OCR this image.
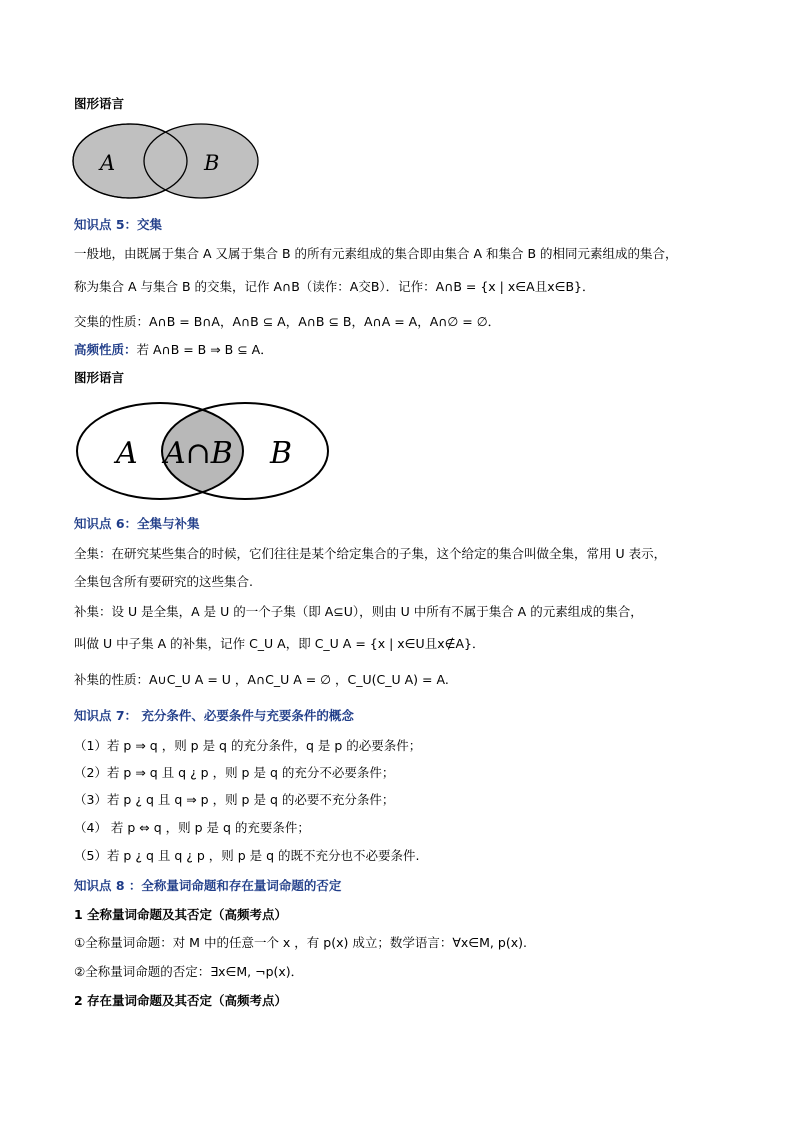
图形语言
A	B
知识点 5：交集
一般地，由既属于集合 A 又属于集合 B 的所有元素组成的集合即由集合 A 和集合 B 的相同元素组成的集合，
称为集合 A 与集合 B 的交集，记作 A∩B（读作：A交B）．记作：A∩B = {x | x∈A且x∈B}．
交集的性质：A∩B = B∩A，A∩B ⊆ A，A∩B ⊆ B，A∩A = A，A∩∅ = ∅．
高频性质：若 A∩B = B ⇒ B ⊆ A．
图形语言
A A∩B B
知识点 6：全集与补集
全集：在研究某些集合的时候，它们往往是某个给定集合的子集，这个给定的集合叫做全集，常用 U 表示，
全集包含所有要研究的这些集合.
补集：设 U 是全集，A 是 U 的一个子集（即 A⊆U），则由 U 中所有不属于集合 A 的元素组成的集合，
叫做 U 中子集 A 的补集，记作 C_U A，即 C_U A = {x | x∈U且x∉A}．
补集的性质：A∪C_U A = U ，A∩C_U A = ∅ ，C_U(C_U A) = A.
知识点 7： 充分条件、必要条件与充要条件的概念
（1）若 p ⇒ q ，则 p 是 q 的充分条件，q 是 p 的必要条件；
（2）若 p ⇒ q 且 q ¿ p ，则 p 是 q 的充分不必要条件；
（3）若 p ¿ q 且 q ⇒ p ，则 p 是 q 的必要不充分条件；
（4） 若 p ⇔ q ，则 p 是 q 的充要条件；
（5）若 p ¿ q 且 q ¿ p ，则 p 是 q 的既不充分也不必要条件.
知识点 8 ：全称量词命题和存在量词命题的否定
1 全称量词命题及其否定（高频考点）
①全称量词命题：对 M 中的任意一个 x ，有 p(x) 成立；数学语言：∀x∈M, p(x).
②全称量词命题的否定：∃x∈M, ¬p(x)．
2 存在量词命题及其否定（高频考点）
